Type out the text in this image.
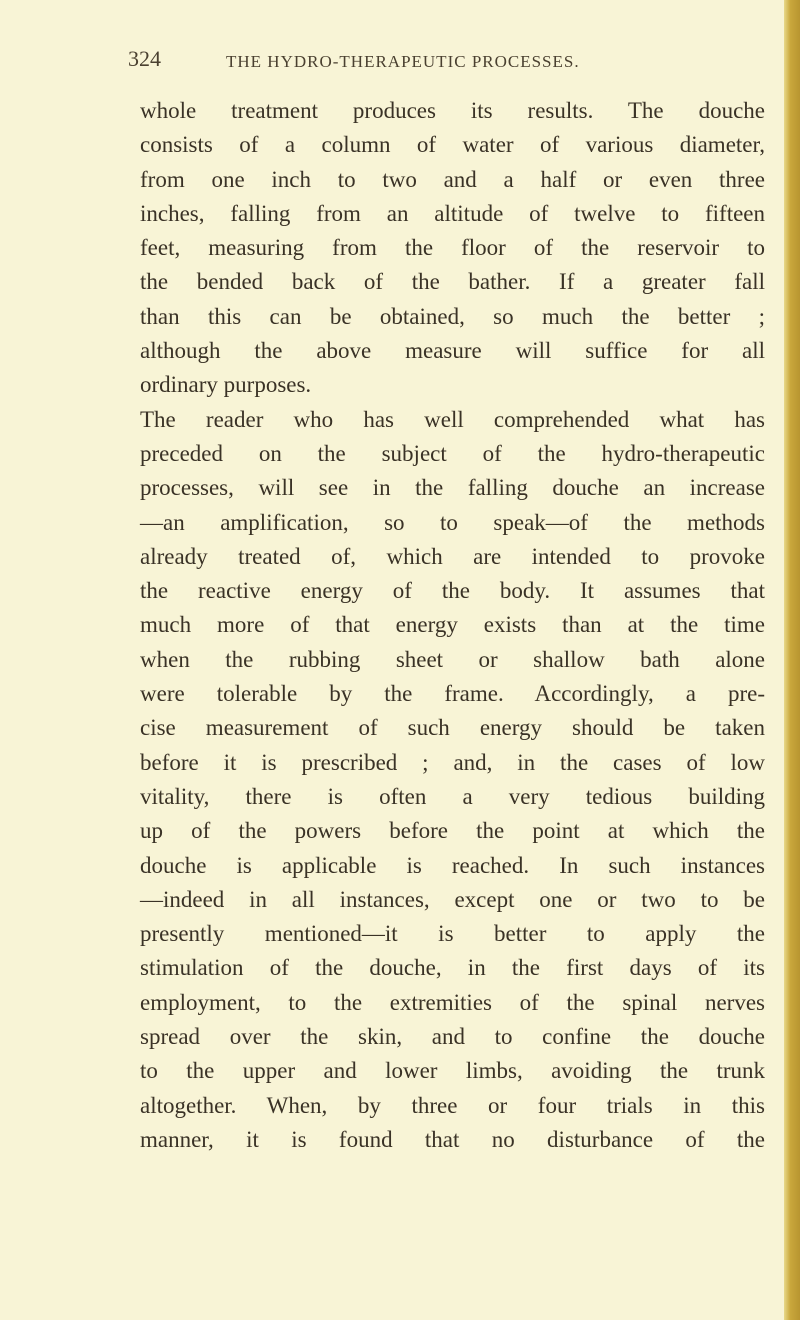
324	THE HYDRO-THERAPEUTIC PROCESSES.
whole treatment produces its results. The douche
consists of a column of water of various diameter,
from one inch to two and a half or even three
inches, falling from an altitude of twelve to fifteen
feet, measuring from the floor of the reservoir to
the bended back of the bather. If a greater fall
than this can be obtained, so much the better ;
although the above measure will suffice for all
ordinary purposes.
The reader who has well comprehended what has
preceded on the subject of the hydro-therapeutic
processes, will see in the falling douche an increase
—an amplification, so to speak—of the methods
already treated of, which are intended to provoke
the reactive energy of the body. It assumes that
much more of that energy exists than at the time
when the rubbing sheet or shallow bath alone
were tolerable by the frame. Accordingly, a pre-
cise measurement of such energy should be taken
before it is prescribed ; and, in the cases of low
vitality, there is often a very tedious building
up of the powers before the point at which the
douche is applicable is reached. In such instances
—indeed in all instances, except one or two to be
presently mentioned—it is better to apply the
stimulation of the douche, in the first days of its
employment, to the extremities of the spinal nerves
spread over the skin, and to confine the douche
to the upper and lower limbs, avoiding the trunk
altogether. When, by three or four trials in this
manner, it is found that no disturbance of the
